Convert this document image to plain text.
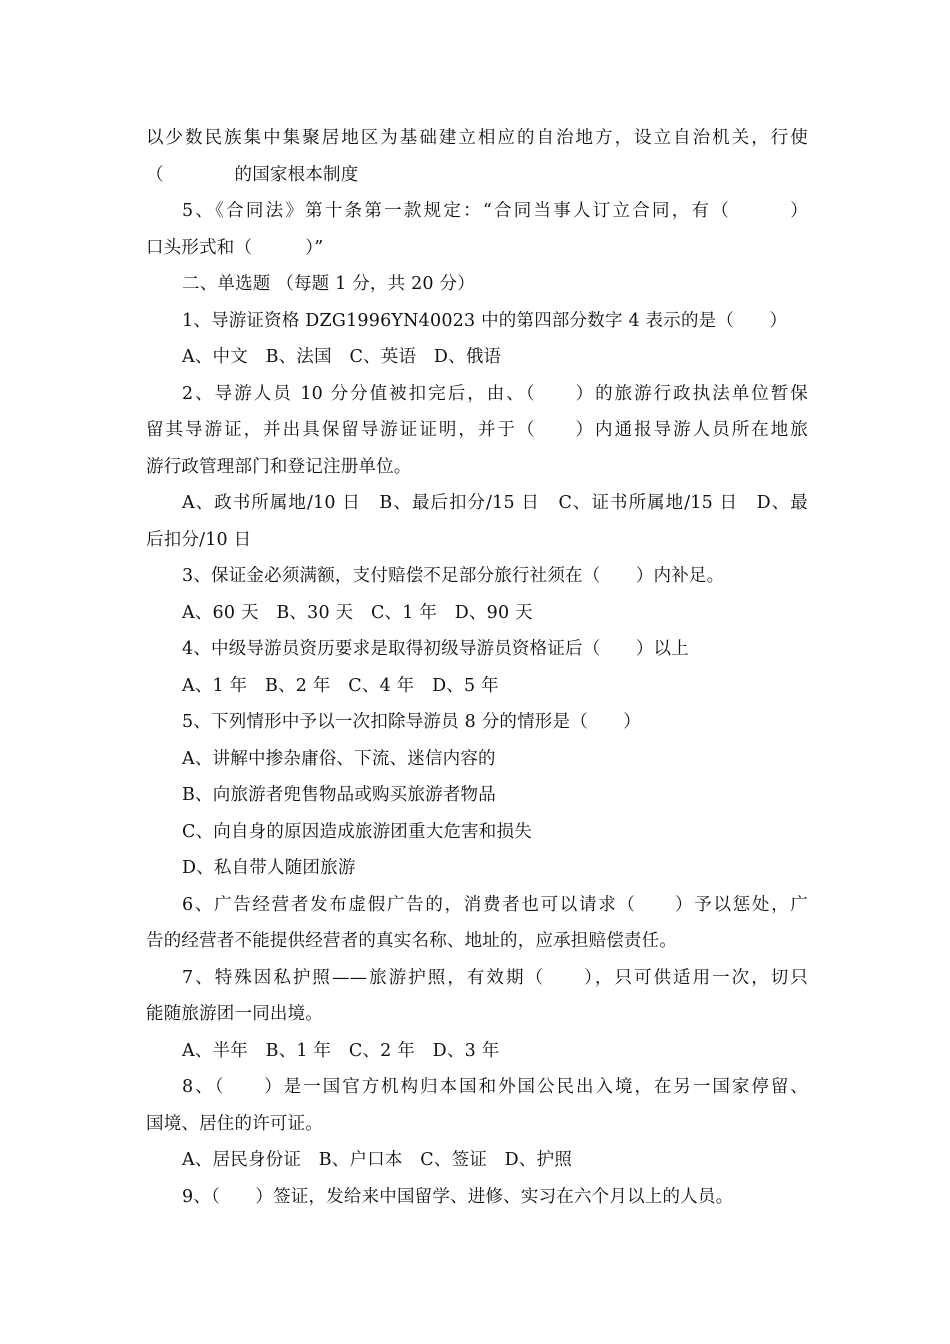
以少数民族集中集聚居地区为基础建立相应的自治地方，设立自治机关，行使
（　　　　的国家根本制度
5、《合同法》第十条第一款规定：“合同当事人订立合同，有（　　　）
口头形式和（　　　）”
二、单选题 （每题 1 分，共 20 分）
1、导游证资格 DZG1996YN40023 中的第四部分数字 4 表示的是（　　）
A、中文　B、法国　C、英语　D、俄语
2、导游人员 10 分分值被扣完后，由、（　　）的旅游行政执法单位暂保
留其导游证，并出具保留导游证证明，并于（　　）内通报导游人员所在地旅
游行政管理部门和登记注册单位。
A、政书所属地/10 日　B、最后扣分/15 日　C、证书所属地/15 日　D、最
后扣分/10 日
3、保证金必须满额，支付赔偿不足部分旅行社须在（　　）内补足。
A、60 天　B、30 天　C、1 年　D、90 天
4、中级导游员资历要求是取得初级导游员资格证后（　　）以上
A、1 年　B、2 年　C、4 年　D、5 年
5、下列情形中予以一次扣除导游员 8 分的情形是（　　）
A、讲解中掺杂庸俗、下流、迷信内容的
B、向旅游者兜售物品或购买旅游者物品
C、向自身的原因造成旅游团重大危害和损失
D、私自带人随团旅游
6、广告经营者发布虚假广告的，消费者也可以请求（　　）予以惩处，广
告的经营者不能提供经营者的真实名称、地址的，应承担赔偿责任。
7、特殊因私护照——旅游护照，有效期（　　），只可供适用一次，切只
能随旅游团一同出境。
A、半年　B、1 年　C、2 年　D、3 年
8、（　　）是一国官方机构归本国和外国公民出入境，在另一国家停留、
国境、居住的许可证。
A、居民身份证　B、户口本　C、签证　D、护照
9、（　　）签证，发给来中国留学、进修、实习在六个月以上的人员。
